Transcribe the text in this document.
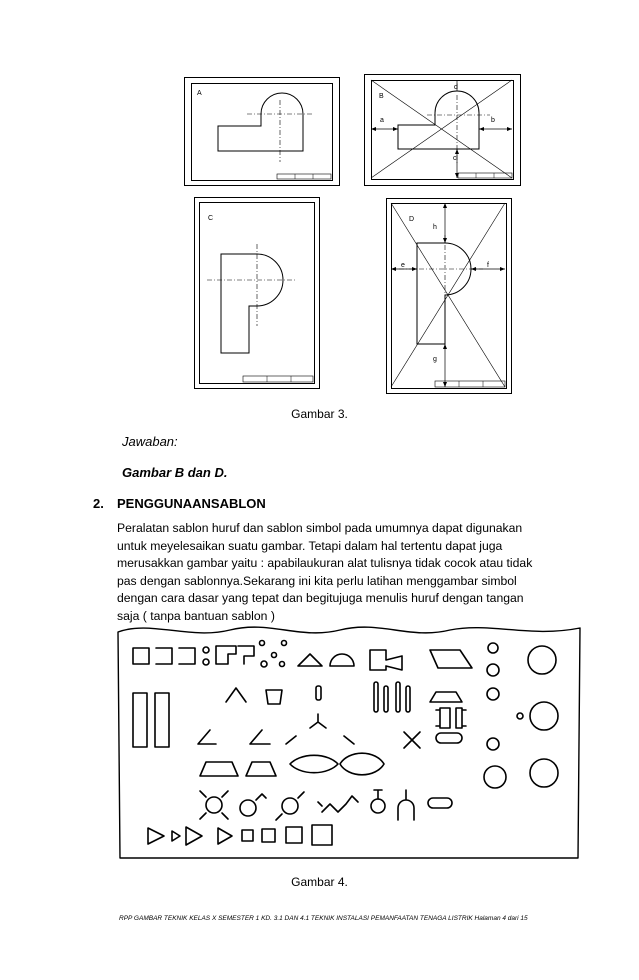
A	B
a	b
c
d
C	D
h
e	f
g
Gambar 3.
Jawaban:
Gambar B dan D.
2. PENGGUNAANSABLON
Peralatan sablon huruf dan sablon simbol pada umumnya dapat digunakan
untuk meyelesaikan suatu gambar. Tetapi dalam hal tertentu dapat juga
merusakkan gambar yaitu : apabilaukuran alat tulisnya tidak cocok atau tidak
pas dengan sablonnya.Sekarang ini kita perlu latihan menggambar simbol
dengan cara dasar yang tepat dan begitujuga menulis huruf dengan tangan
saja ( tanpa bantuan sablon )
Gambar 4.
RPP GAMBAR TEKNIK KELAS X SEMESTER 1 KD. 3.1 DAN 4.1 TEKNIK INSTALASI PEMANFAATAN TENAGA LISTRIK Halaman 4 dari 15
